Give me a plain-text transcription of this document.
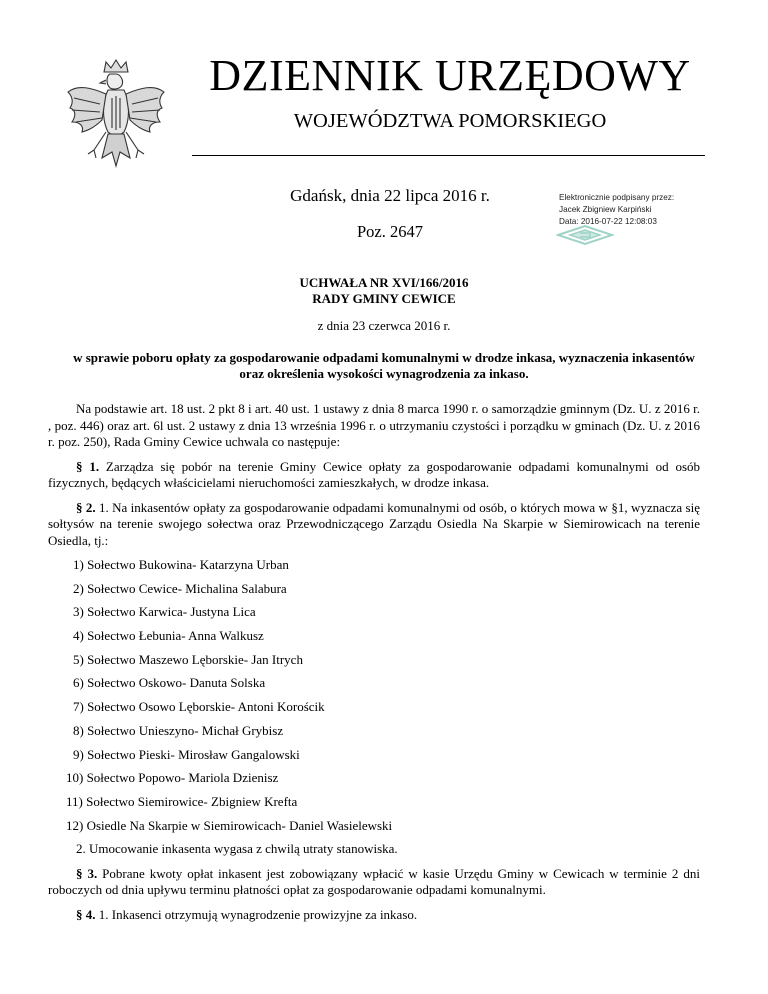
DZIENNIK URZĘDOWY
WOJEWÓDZTWA POMORSKIEGO
Gdańsk, dnia 22 lipca 2016 r.
Poz. 2647
Elektronicznie podpisany przez:
Jacek Zbigniew Karpiński
Data: 2016-07-22 12:08:03
UCHWAŁA NR XVI/166/2016
RADY GMINY CEWICE
z dnia 23 czerwca 2016 r.
w sprawie poboru opłaty za gospodarowanie odpadami komunalnymi w drodze inkasa, wyznaczenia inkasentów oraz określenia wysokości wynagrodzenia za inkaso.

Na podstawie art. 18 ust. 2 pkt 8 i art. 40 ust. 1 ustawy z dnia 8 marca 1990 r. o samorządzie gminnym (Dz. U. z 2016 r. , poz. 446) oraz art. 6l ust. 2 ustawy z dnia 13 września 1996 r. o utrzymaniu czystości i porządku w gminach (Dz. U. z 2016 r. poz. 250), Rada Gminy Cewice uchwala co następuje:

§ 1. Zarządza się pobór na terenie Gminy Cewice opłaty za gospodarowanie odpadami komunalnymi od osób fizycznych, będących właścicielami nieruchomości zamieszkałych, w drodze inkasa.

§ 2. 1. Na inkasentów opłaty za gospodarowanie odpadami komunalnymi od osób, o których mowa w §1, wyznacza się sołtysów na terenie swojego sołectwa oraz Przewodniczącego Zarządu Osiedla Na Skarpie w Siemirowicach na terenie Osiedla, tj.:

1) Sołectwo Bukowina- Katarzyna Urban
2) Sołectwo Cewice- Michalina Salabura
3) Sołectwo Karwica- Justyna Lica
4) Sołectwo Łebunia- Anna Walkusz
5) Sołectwo Maszewo Lęborskie- Jan Itrych
6) Sołectwo Oskowo- Danuta Solska
7) Sołectwo Osowo Lęborskie- Antoni Korościk
8) Sołectwo Unieszyno- Michał Grybisz
9) Sołectwo Pieski- Mirosław Gangalowski
10) Sołectwo Popowo- Mariola Dzienisz
11) Sołectwo Siemirowice- Zbigniew Krefta
12) Osiedle Na Skarpie w Siemirowicach- Daniel Wasielewski

2. Umocowanie inkasenta wygasa z chwilą utraty stanowiska.

§ 3. Pobrane kwoty opłat inkasent jest zobowiązany wpłacić w kasie Urzędu Gminy w Cewicach w terminie 2 dni roboczych od dnia upływu terminu płatności opłat za gospodarowanie odpadami komunalnymi.

§ 4. 1. Inkasenci otrzymują wynagrodzenie prowizyjne za inkaso.
